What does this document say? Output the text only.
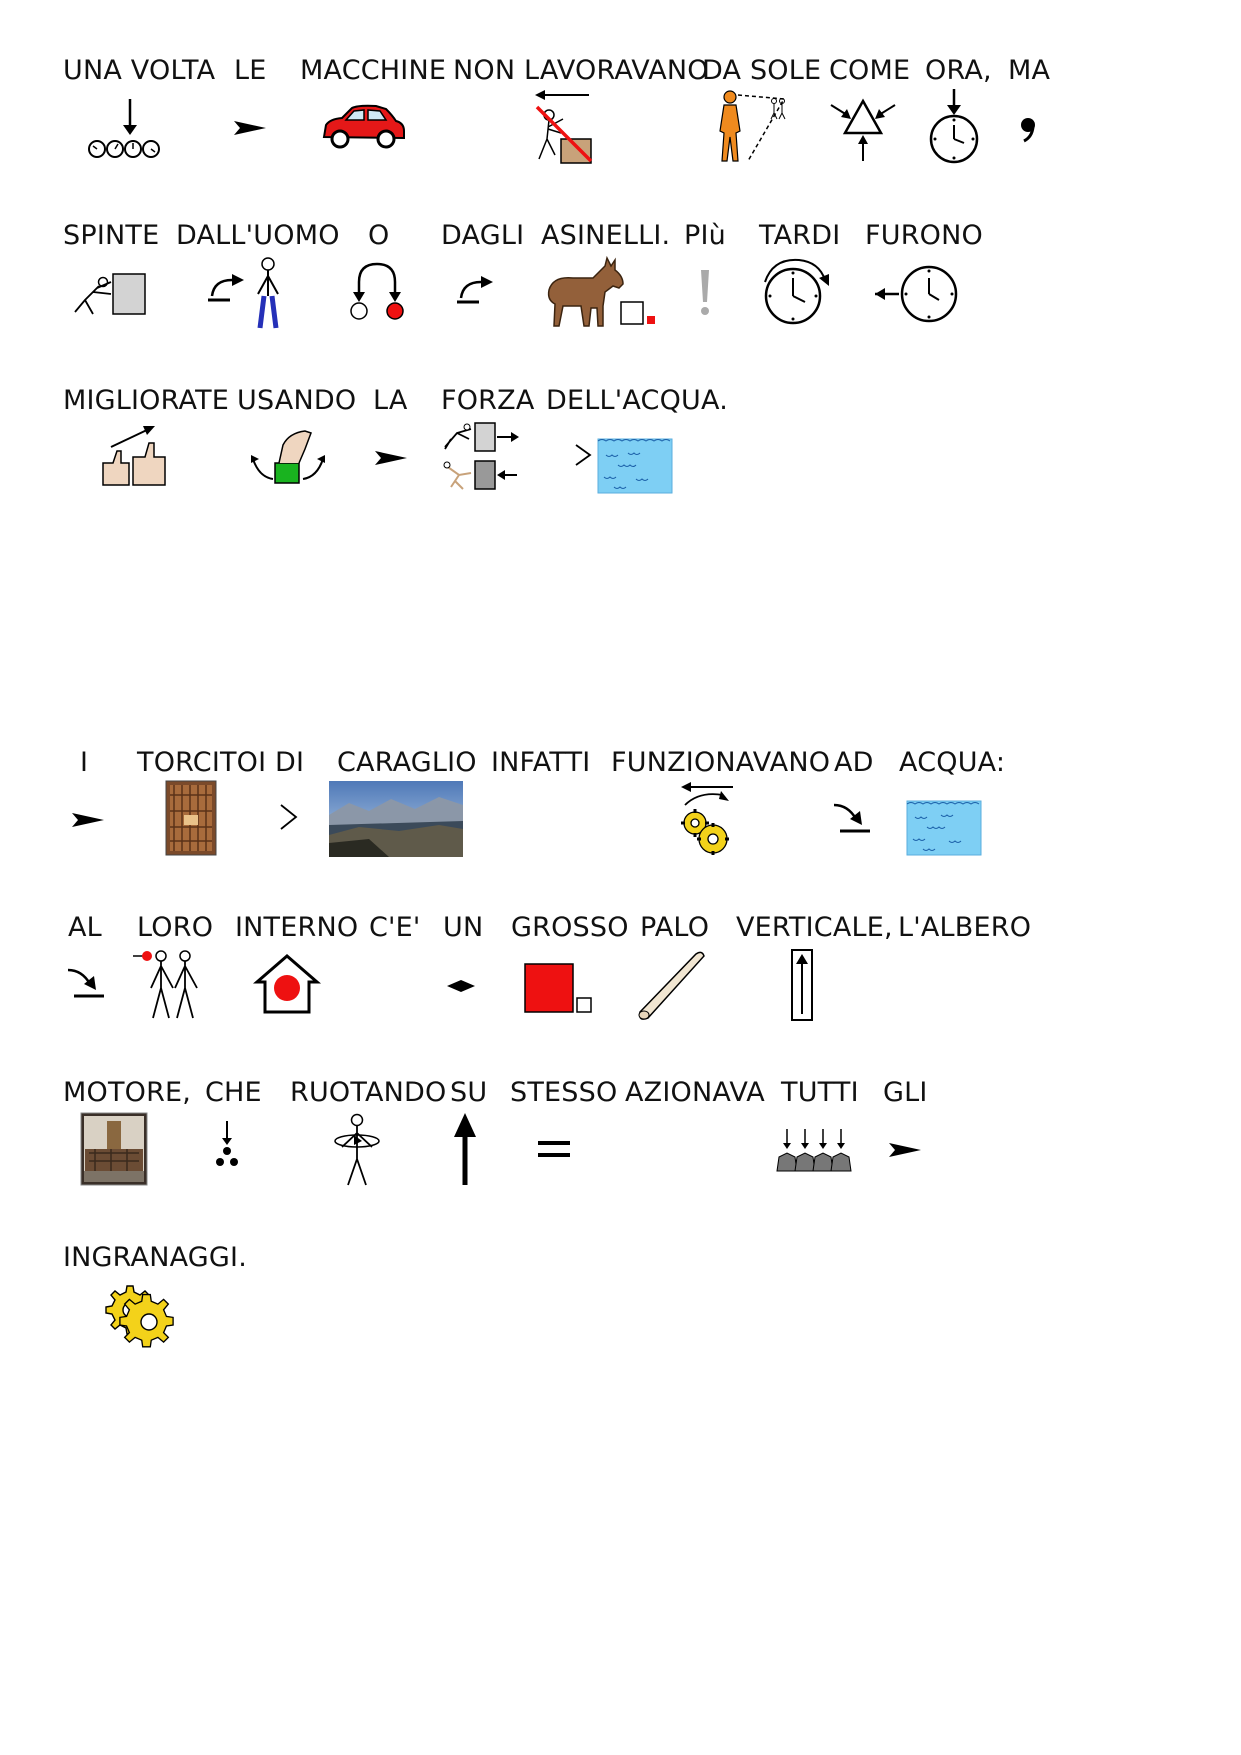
UNA VOLTA LE MACCHINE NON LAVORAVANO
DA SOLE COME ORA, MA
SPINTE DALL'UOMO O DAGLI ASINELLI. PIù TARDI FURONO
MIGLIORATE USANDO LA FORZA DELL'ACQUA.
I TORCITOI DI CARAGLIO INFATTI FUNZIONAVANO AD ACQUA:
AL LORO INTERNO C'E' UN GROSSO PALO VERTICALE, L'ALBERO
MOTORE, CHE RUOTANDO SU STESSO AZIONAVA TUTTI GLI
INGRANAGGI.
